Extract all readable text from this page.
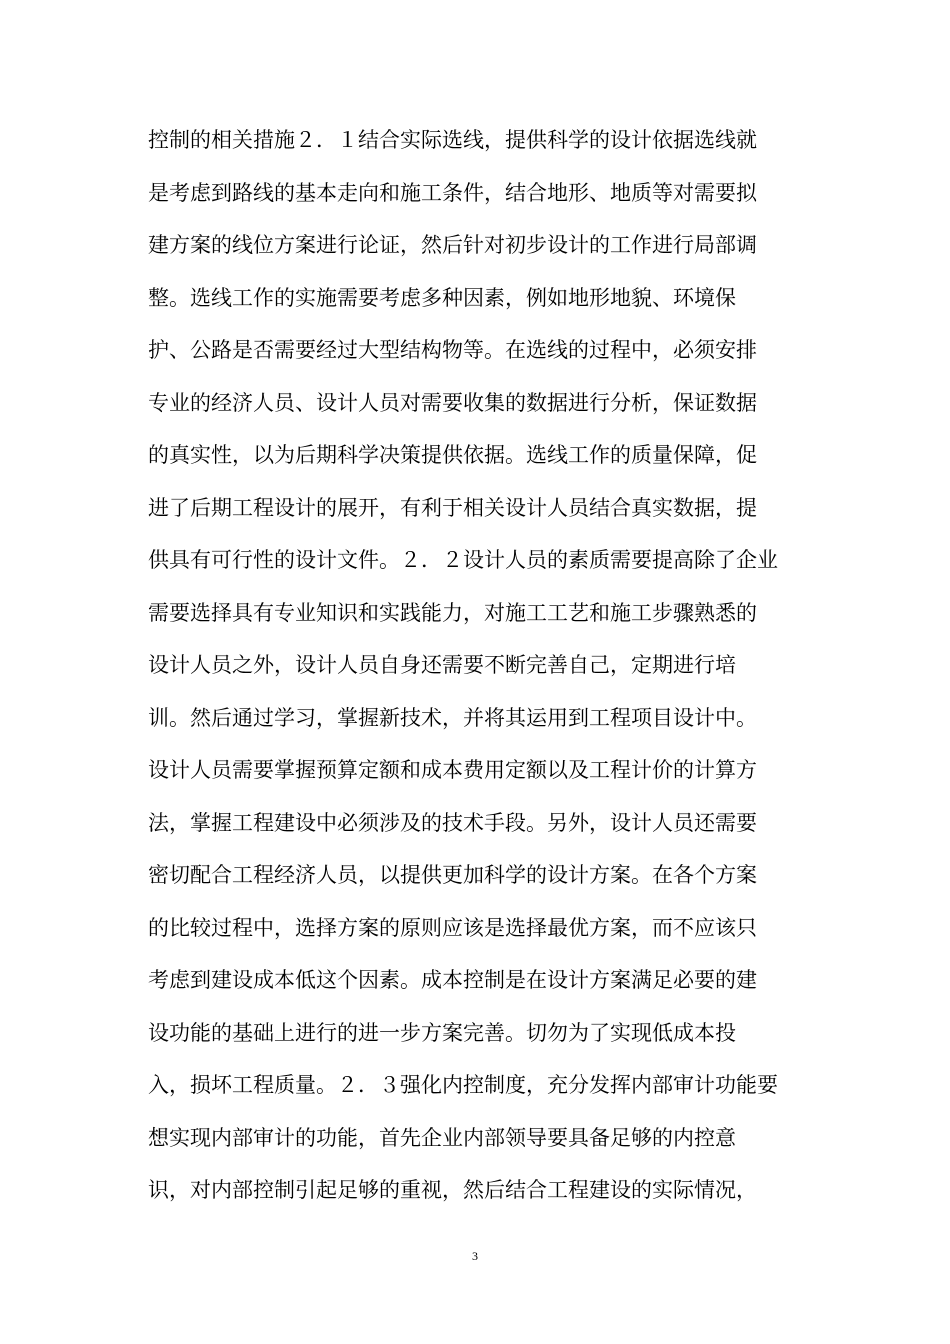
控制的相关措施２．１结合实际选线，提供科学的设计依据选线就
是考虑到路线的基本走向和施工条件，结合地形、地质等对需要拟
建方案的线位方案进行论证，然后针对初步设计的工作进行局部调
整。选线工作的实施需要考虑多种因素，例如地形地貌、环境保
护、公路是否需要经过大型结构物等。在选线的过程中，必须安排
专业的经济人员、设计人员对需要收集的数据进行分析，保证数据
的真实性，以为后期科学决策提供依据。选线工作的质量保障，促
进了后期工程设计的展开，有利于相关设计人员结合真实数据，提
供具有可行性的设计文件。２．２设计人员的素质需要提高除了企业
需要选择具有专业知识和实践能力，对施工工艺和施工步骤熟悉的
设计人员之外，设计人员自身还需要不断完善自己，定期进行培
训。然后通过学习，掌握新技术，并将其运用到工程项目设计中。
设计人员需要掌握预算定额和成本费用定额以及工程计价的计算方
法，掌握工程建设中必须涉及的技术手段。另外，设计人员还需要
密切配合工程经济人员，以提供更加科学的设计方案。在各个方案
的比较过程中，选择方案的原则应该是选择最优方案，而不应该只
考虑到建设成本低这个因素。成本控制是在设计方案满足必要的建
设功能的基础上进行的进一步方案完善。切勿为了实现低成本投
入，损坏工程质量。２．３强化内控制度，充分发挥内部审计功能要
想实现内部审计的功能，首先企业内部领导要具备足够的内控意
识，对内部控制引起足够的重视，然后结合工程建设的实际情况，
3
